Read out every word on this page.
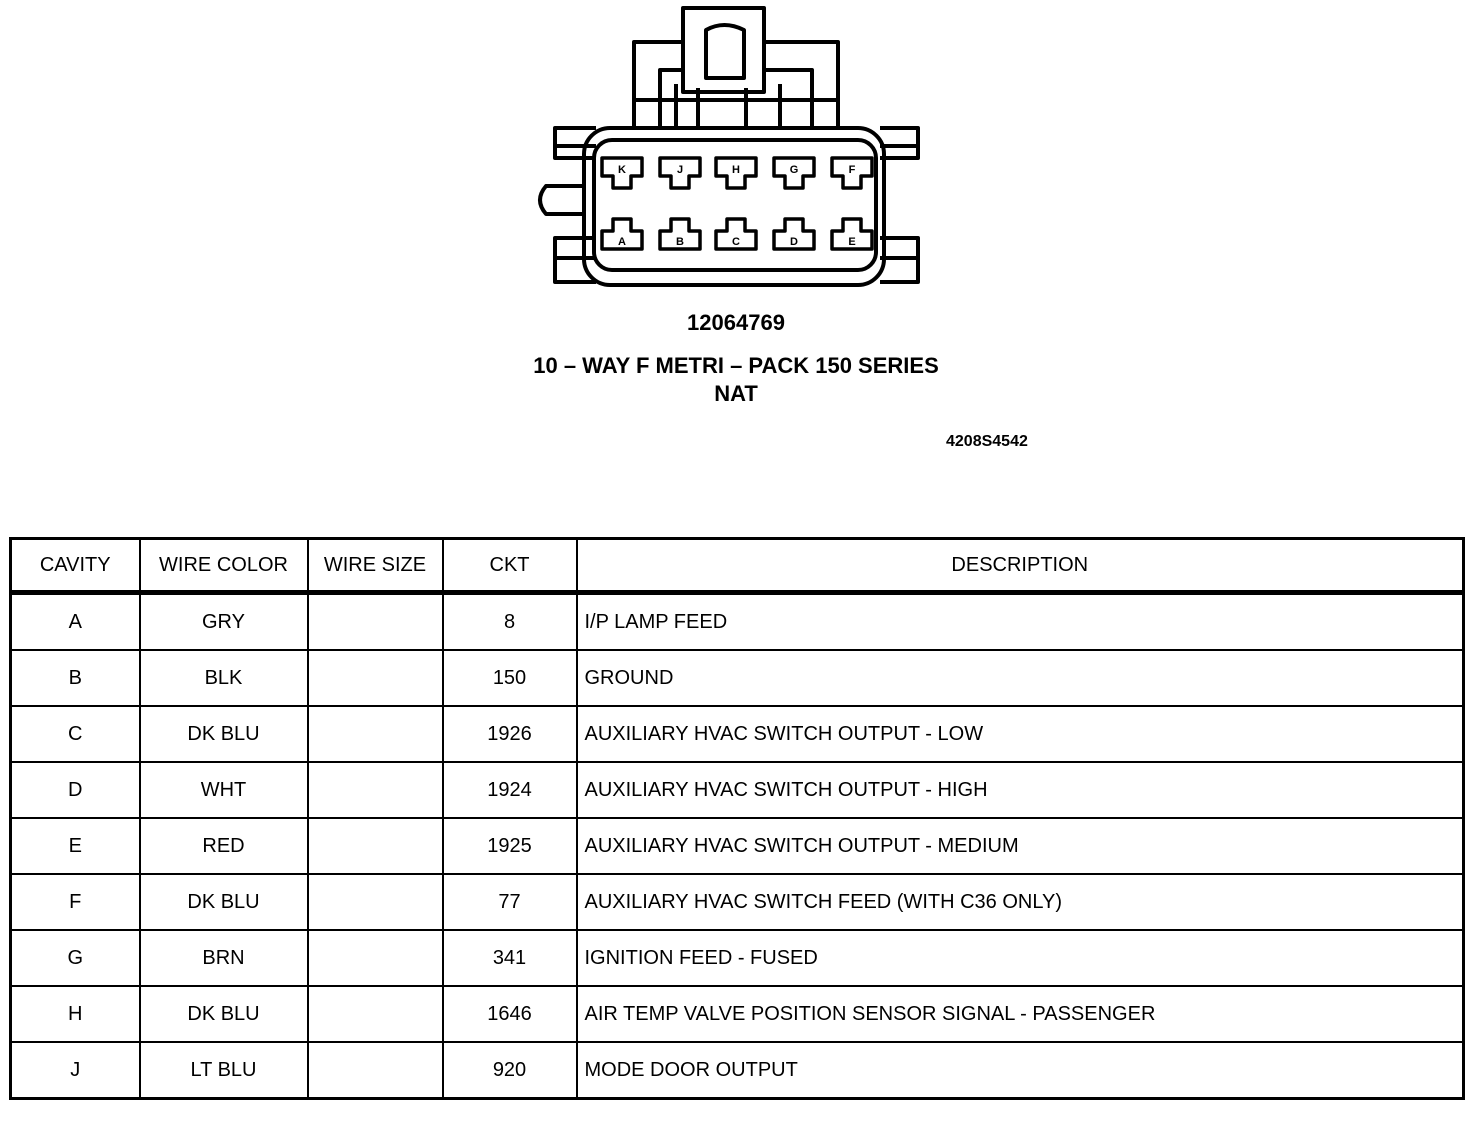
K	J	H	G	F
A	B	C	D	E
12064769
10 – WAY F METRI – PACK 150 SERIES
NAT
4208S4542
CAVITY	WIRE COLOR	WIRE SIZE	CKT	DESCRIPTION
A	GRY		8	I/P LAMP FEED
B	BLK		150	GROUND
C	DK BLU		1926	AUXILIARY HVAC SWITCH OUTPUT - LOW
D	WHT		1924	AUXILIARY HVAC SWITCH OUTPUT - HIGH
E	RED		1925	AUXILIARY HVAC SWITCH OUTPUT - MEDIUM
F	DK BLU		77	AUXILIARY HVAC SWITCH FEED (WITH C36 ONLY)
G	BRN		341	IGNITION FEED - FUSED
H	DK BLU		1646	AIR TEMP VALVE POSITION SENSOR SIGNAL - PASSENGER
J	LT BLU		920	MODE DOOR OUTPUT
